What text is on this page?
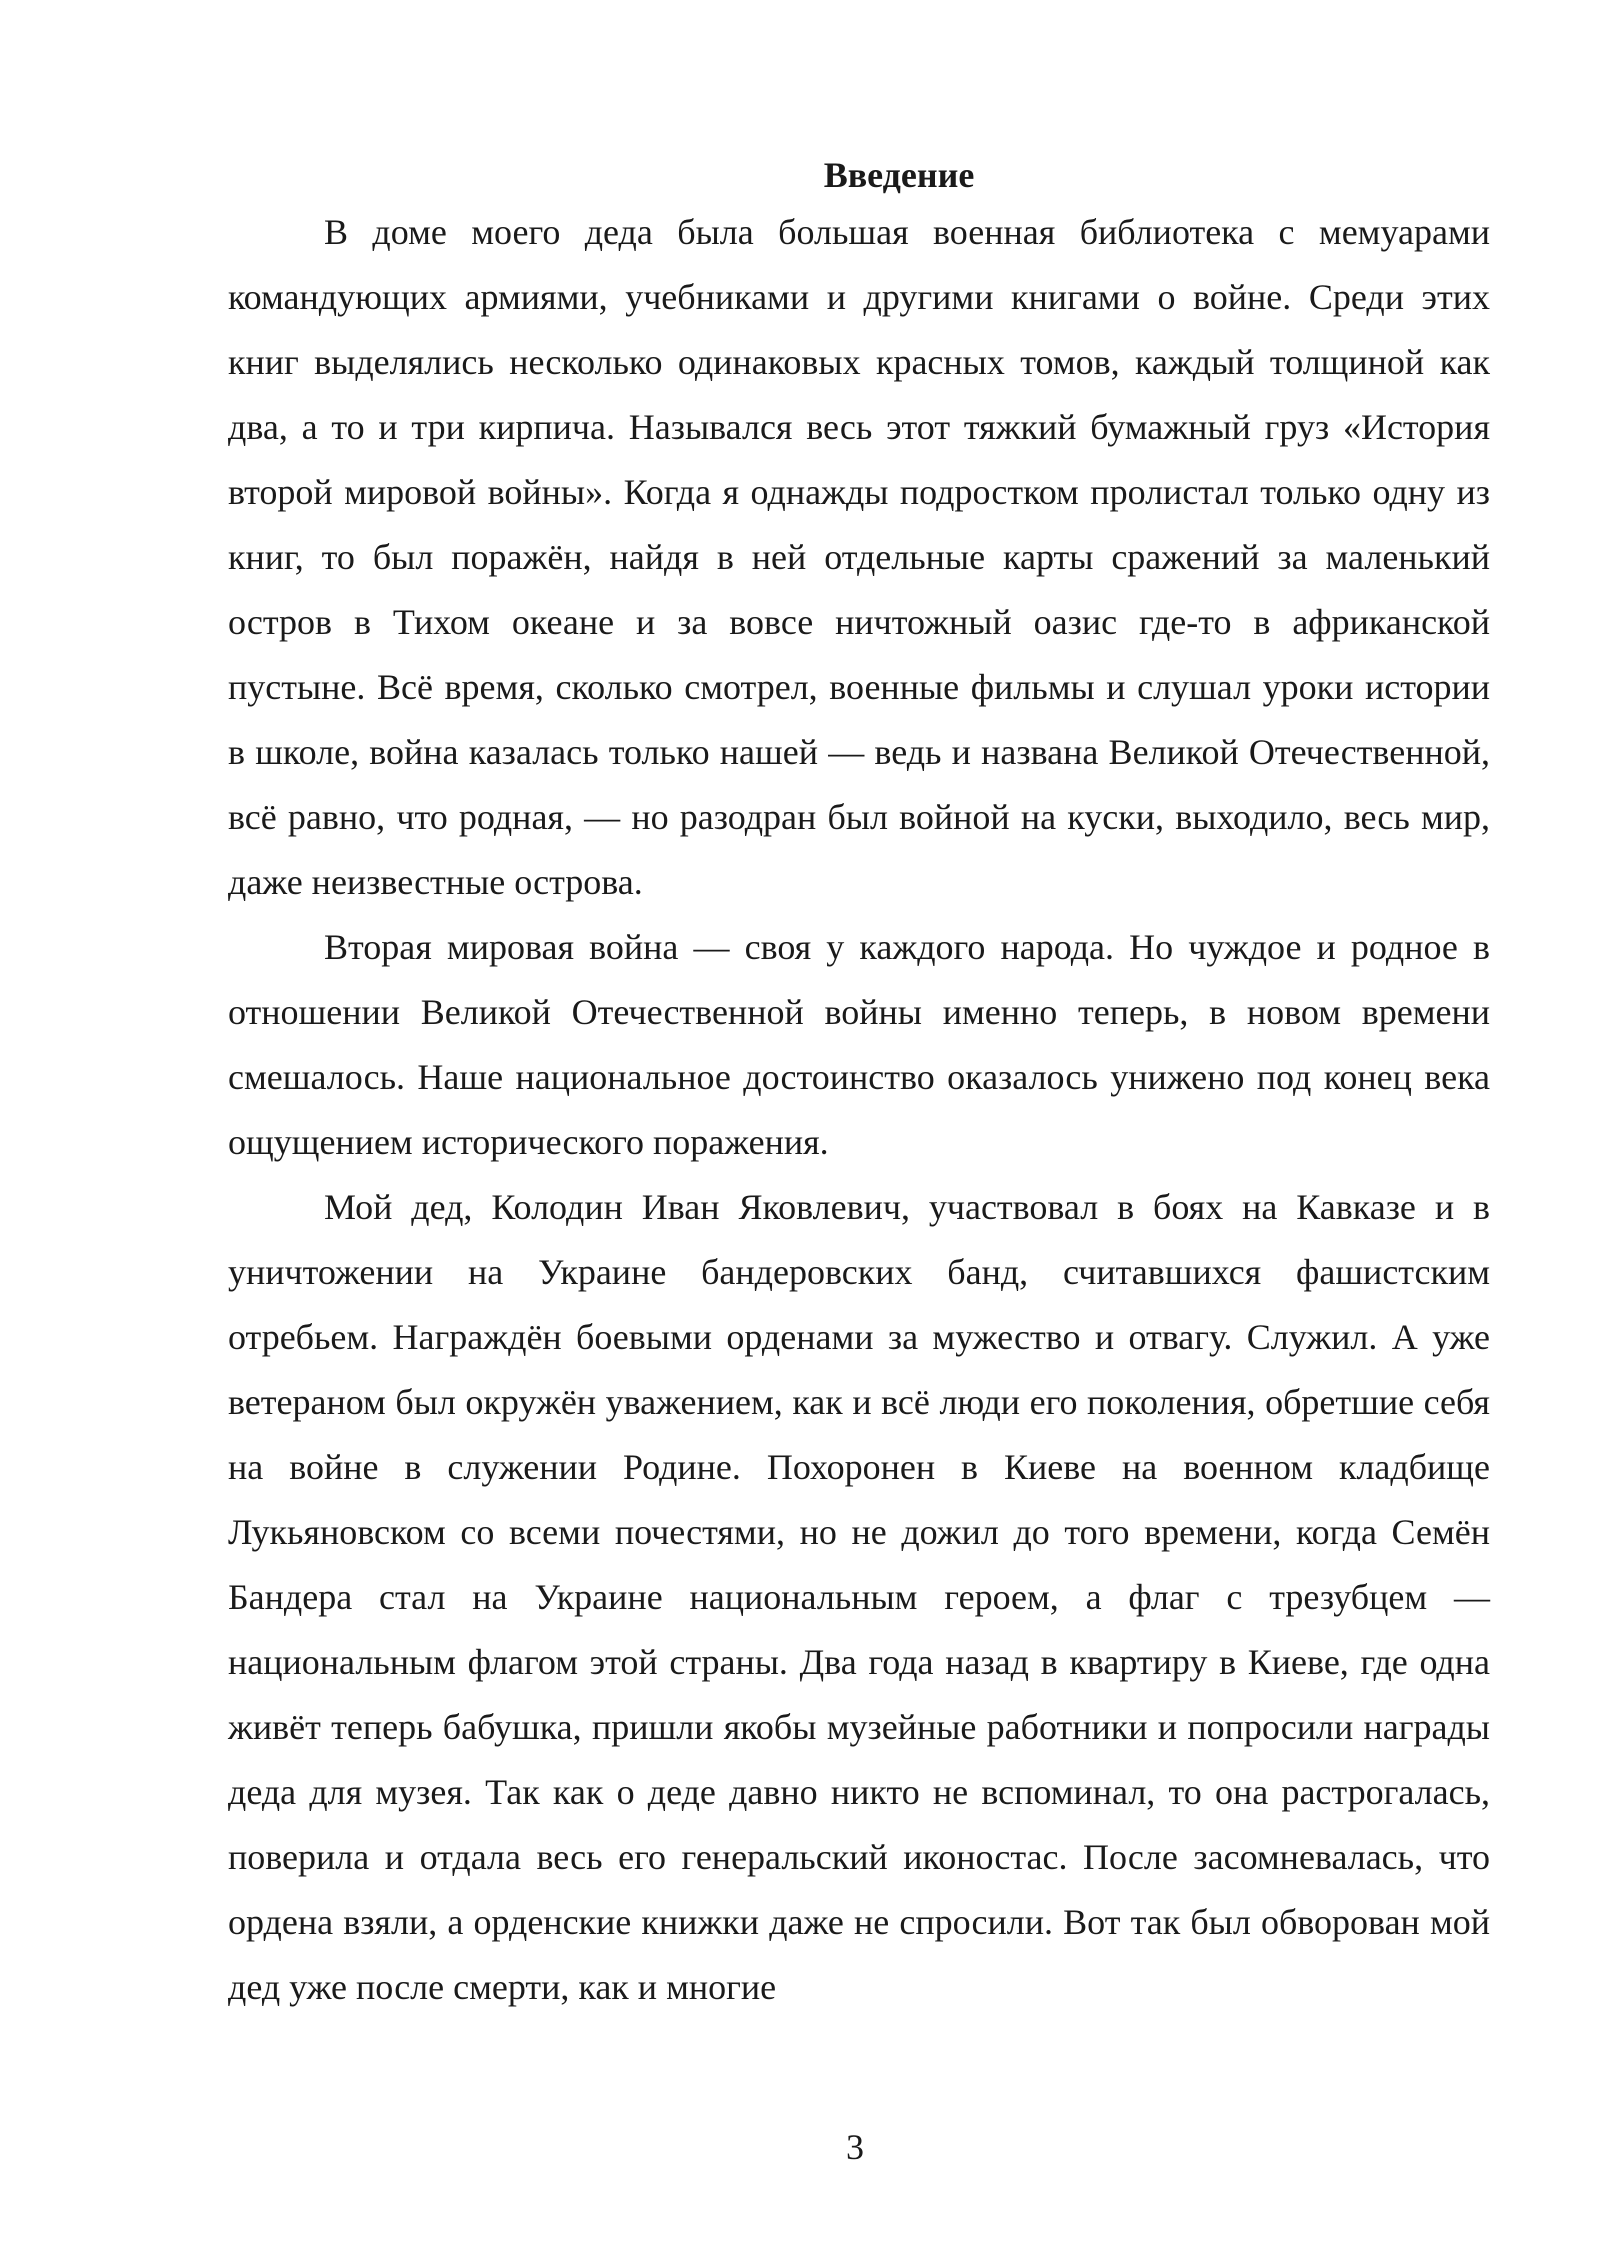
Введение

В доме моего деда была большая военная библиотека с мемуарами командующих армиями, учебниками и другими книгами о войне. Среди этих книг выделялись несколько одинаковых красных томов, каждый толщиной как два, а то и три кирпича. Назывался весь этот тяжкий бумажный груз «История второй мировой войны». Когда я однажды подростком пролистал только одну из книг, то был поражён, найдя в ней отдельные карты сражений за маленький остров в Тихом океане и за вовсе ничтожный оазис где-то в африканской пустыне. Всё время, сколько смотрел, военные фильмы и слушал уроки истории в школе, война казалась только нашей — ведь и названа Великой Отечественной, всё равно, что родная, — но разодран был войной на куски, выходило, весь мир, даже неизвестные острова.

Вторая мировая война — своя у каждого народа. Но чуждое и родное в отношении Великой Отечественной войны именно теперь, в новом времени смешалось. Наше национальное достоинство оказалось унижено под конец века ощущением исторического поражения.

Мой дед, Колодин Иван Яковлевич, участвовал в боях на Кавказе и в уничтожении на Украине бандеровских банд, считавшихся фашистским отребьем. Награждён боевыми орденами за мужество и отвагу. Служил. А уже ветераном был окружён уважением, как и всё люди его поколения, обретшие себя на войне в служении Родине. Похоронен в Киеве на военном кладбище Лукьяновском со всеми почестями, но не дожил до того времени, когда Семён Бандера стал на Украине национальным героем, а флаг с трезубцем — национальным флагом этой страны. Два года назад в квартиру в Киеве, где одна живёт теперь бабушка, пришли якобы музейные работники и попросили награды деда для музея. Так как о деде давно никто не вспоминал, то она растрогалась, поверила и отдала весь его генеральский иконостас. После засомневалась, что ордена взяли, а орденские книжки даже не спросили. Вот так был обворован мой дед уже после смерти, как и многие

3
